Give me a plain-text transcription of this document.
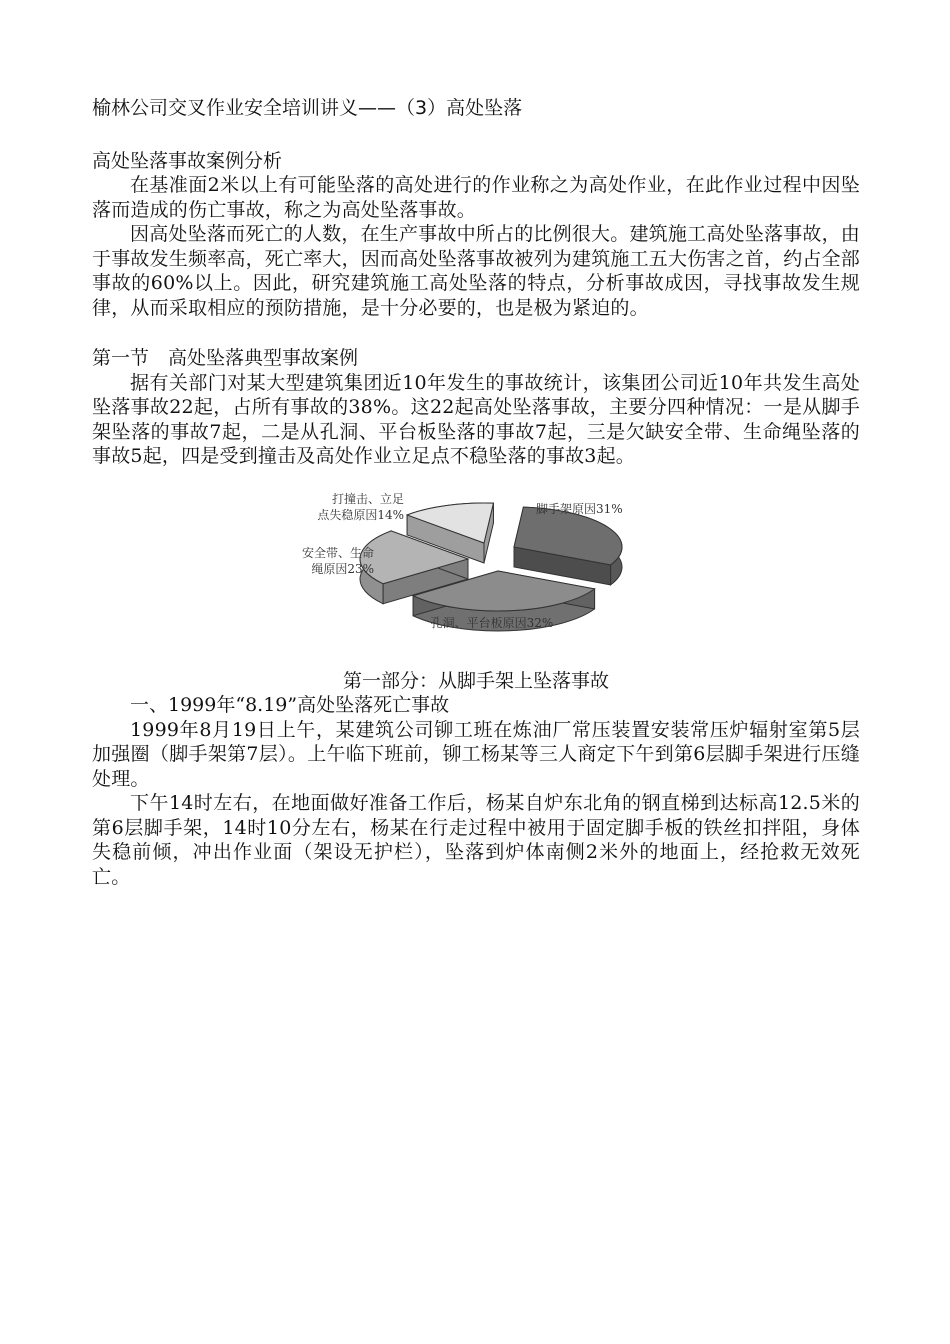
榆林公司交叉作业安全培训讲义——（3）高处坠落
高处坠落事故案例分析

在基准面2米以上有可能坠落的高处进行的作业称之为高处作业，在此作业过程中因坠落而造成的伤亡事故，称之为高处坠落事故。

因高处坠落而死亡的人数，在生产事故中所占的比例很大。建筑施工高处坠落事故，由于事故发生频率高，死亡率大，因而高处坠落事故被列为建筑施工五大伤害之首，约占全部事故的60%以上。因此，研究建筑施工高处坠落的特点，分析事故成因，寻找事故发生规律，从而采取相应的预防措施，是十分必要的，也是极为紧迫的。

第一节　高处坠落典型事故案例

据有关部门对某大型建筑集团近10年发生的事故统计，该集团公司近10年共发生高处坠落事故22起，占所有事故的38%。这22起高处坠落事故，主要分四种情况：一是从脚手架坠落的事故7起，二是从孔洞、平台板坠落的事故7起，三是欠缺安全带、生命绳坠落的事故5起，四是受到撞击及高处作业立足点不稳坠落的事故3起。

脚手架原因31%
孔洞、平台板原因32%
安全带、生命
绳原因23%
打撞击、立足
点失稳原因14%
第一部分：从脚手架上坠落事故
一、1999年“8.19”高处坠落死亡事故

1999年8月19日上午，某建筑公司铆工班在炼油厂常压装置安装常压炉辐射室第5层加强圈（脚手架第7层）。上午临下班前，铆工杨某等三人商定下午到第6层脚手架进行压缝处理。

下午14时左右，在地面做好准备工作后，杨某自炉东北角的钢直梯到达标高12.5米的第6层脚手架，14时10分左右，杨某在行走过程中被用于固定脚手板的铁丝扣拌阻，身体失稳前倾，冲出作业面（架设无护栏），坠落到炉体南侧2米外的地面上，经抢救无效死亡。
